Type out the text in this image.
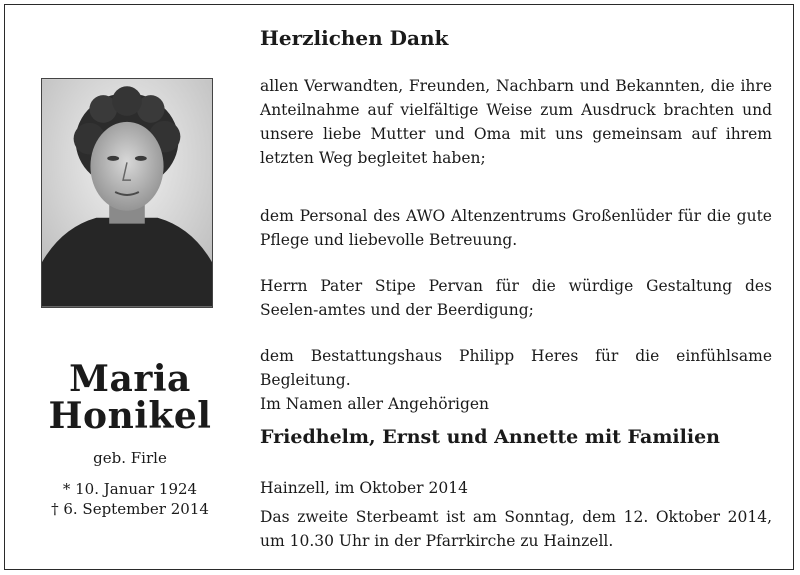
Herzlichen Dank

allen Verwandten, Freunden, Nachbarn und Bekannten, die ihre Anteilnahme auf vielfältige Weise zum Ausdruck brachten und unsere liebe Mutter und Oma mit uns gemeinsam auf ihrem letzten Weg begleitet haben;

dem Personal des AWO Altenzentrums Großenlüder für die gute Pflege und liebevolle Betreuung.

Herrn Pater Stipe Pervan für die würdige Gestaltung des Seelen-amtes und der Beerdigung;

dem Bestattungshaus Philipp Heres für die einfühlsame Begleitung.

Im Namen aller Angehörigen
Friedhelm, Ernst und Annette mit Familien
Hainzell, im Oktober 2014

Das zweite Sterbeamt ist am Sonntag, dem 12. Oktober 2014, um 10.30 Uhr in der Pfarrkirche zu Hainzell.

Maria
Honikel
geb. Firle
* 10. Januar 1924
† 6. September 2014
